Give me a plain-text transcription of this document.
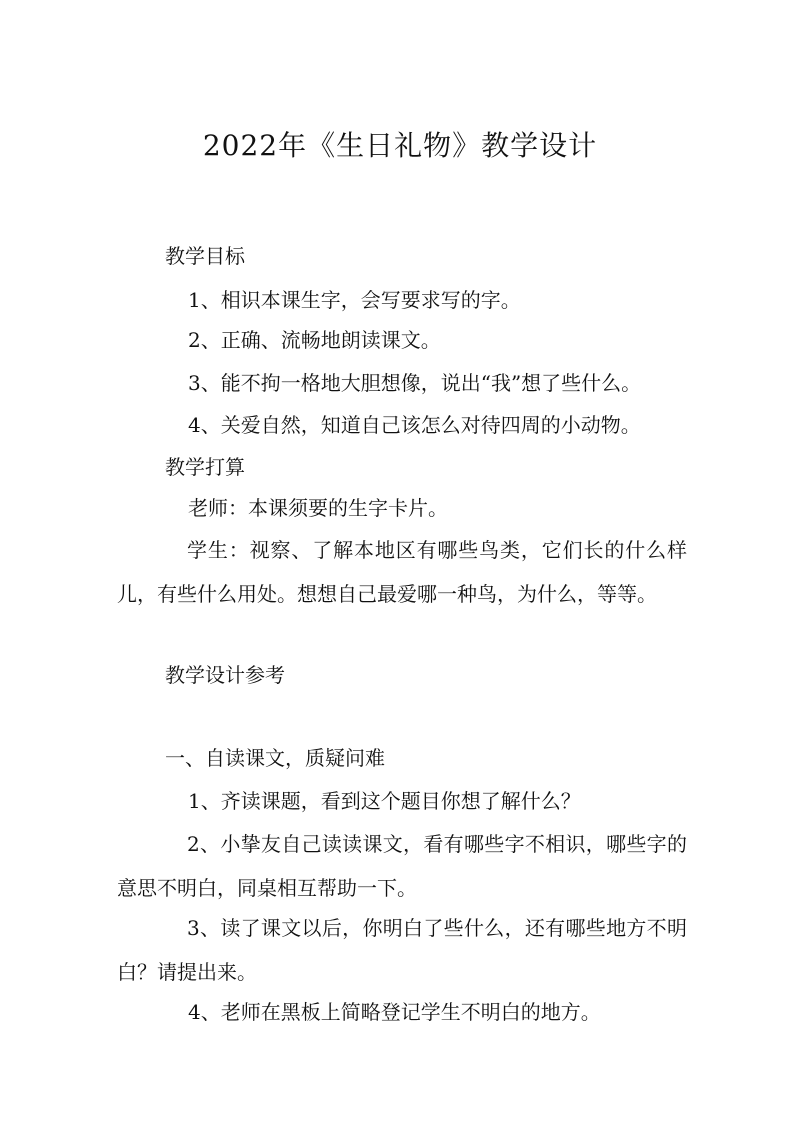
2022年《生日礼物》教学设计
教学目标
1、相识本课生字，会写要求写的字。
2、正确、流畅地朗读课文。
3、能不拘一格地大胆想像，说出“我”想了些什么。
4、关爱自然，知道自己该怎么对待四周的小动物。
教学打算
老师：本课须要的生字卡片。
学生：视察、了解本地区有哪些鸟类，它们长的什么样儿，有些什么用处。想想自己最爱哪一种鸟，为什么，等等。
教学设计参考
一、自读课文，质疑问难
1、齐读课题，看到这个题目你想了解什么？
2、小挚友自己读读课文，看有哪些字不相识，哪些字的意思不明白，同桌相互帮助一下。
3、读了课文以后，你明白了些什么，还有哪些地方不明白？请提出来。
4、老师在黑板上简略登记学生不明白的地方。
